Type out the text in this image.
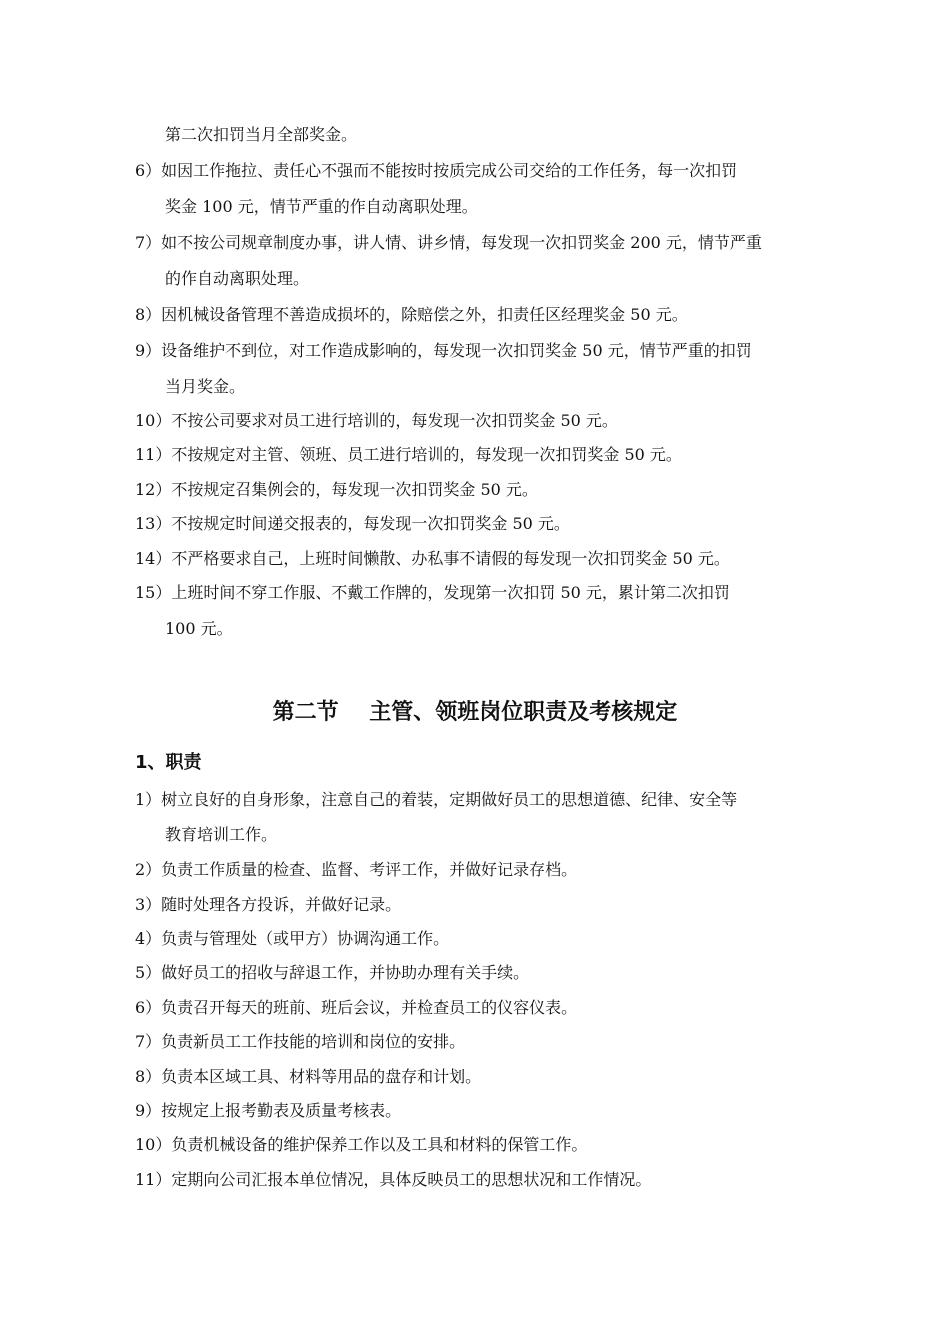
第二次扣罚当月全部奖金。

6）如因工作拖拉、责任心不强而不能按时按质完成公司交给的工作任务，每一次扣罚

奖金 100 元，情节严重的作自动离职处理。

7）如不按公司规章制度办事，讲人情、讲乡情，每发现一次扣罚奖金 200 元，情节严重

的作自动离职处理。

8）因机械设备管理不善造成损坏的，除赔偿之外，扣责任区经理奖金 50 元。

9）设备维护不到位，对工作造成影响的，每发现一次扣罚奖金 50 元，情节严重的扣罚

当月奖金。

10）不按公司要求对员工进行培训的，每发现一次扣罚奖金 50 元。

11）不按规定对主管、领班、员工进行培训的，每发现一次扣罚奖金 50 元。

12）不按规定召集例会的，每发现一次扣罚奖金 50 元。

13）不按规定时间递交报表的，每发现一次扣罚奖金 50 元。

14）不严格要求自己，上班时间懒散、办私事不请假的每发现一次扣罚奖金 50 元。

15）上班时间不穿工作服、不戴工作牌的，发现第一次扣罚 50 元，累计第二次扣罚

100 元。

第二节    主管、领班岗位职责及考核规定
1、职责

1）树立良好的自身形象，注意自己的着装，定期做好员工的思想道德、纪律、安全等

教育培训工作。

2）负责工作质量的检查、监督、考评工作，并做好记录存档。

3）随时处理各方投诉，并做好记录。

4）负责与管理处（或甲方）协调沟通工作。

5）做好员工的招收与辞退工作，并协助办理有关手续。

6）负责召开每天的班前、班后会议，并检查员工的仪容仪表。

7）负责新员工工作技能的培训和岗位的安排。

8）负责本区域工具、材料等用品的盘存和计划。

9）按规定上报考勤表及质量考核表。

10）负责机械设备的维护保养工作以及工具和材料的保管工作。

11）定期向公司汇报本单位情况，具体反映员工的思想状况和工作情况。
